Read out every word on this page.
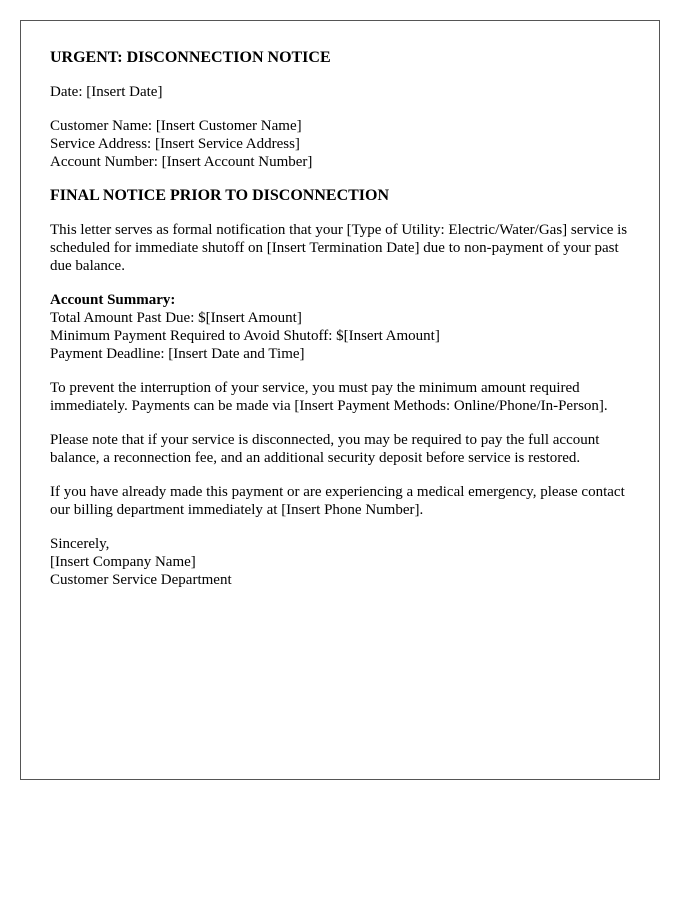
URGENT: DISCONNECTION NOTICE

Date: [Insert Date]

Customer Name: [Insert Customer Name]
Service Address: [Insert Service Address]
Account Number: [Insert Account Number]

FINAL NOTICE PRIOR TO DISCONNECTION

This letter serves as formal notification that your [Type of Utility: Electric/Water/Gas] service is scheduled for immediate shutoff on [Insert Termination Date] due to non-payment of your past due balance.

Account Summary:
Total Amount Past Due: $[Insert Amount]
Minimum Payment Required to Avoid Shutoff: $[Insert Amount]
Payment Deadline: [Insert Date and Time]

To prevent the interruption of your service, you must pay the minimum amount required immediately. Payments can be made via [Insert Payment Methods: Online/Phone/In-Person].

Please note that if your service is disconnected, you may be required to pay the full account balance, a reconnection fee, and an additional security deposit before service is restored.

If you have already made this payment or are experiencing a medical emergency, please contact our billing department immediately at [Insert Phone Number].

Sincerely,
[Insert Company Name]
Customer Service Department
